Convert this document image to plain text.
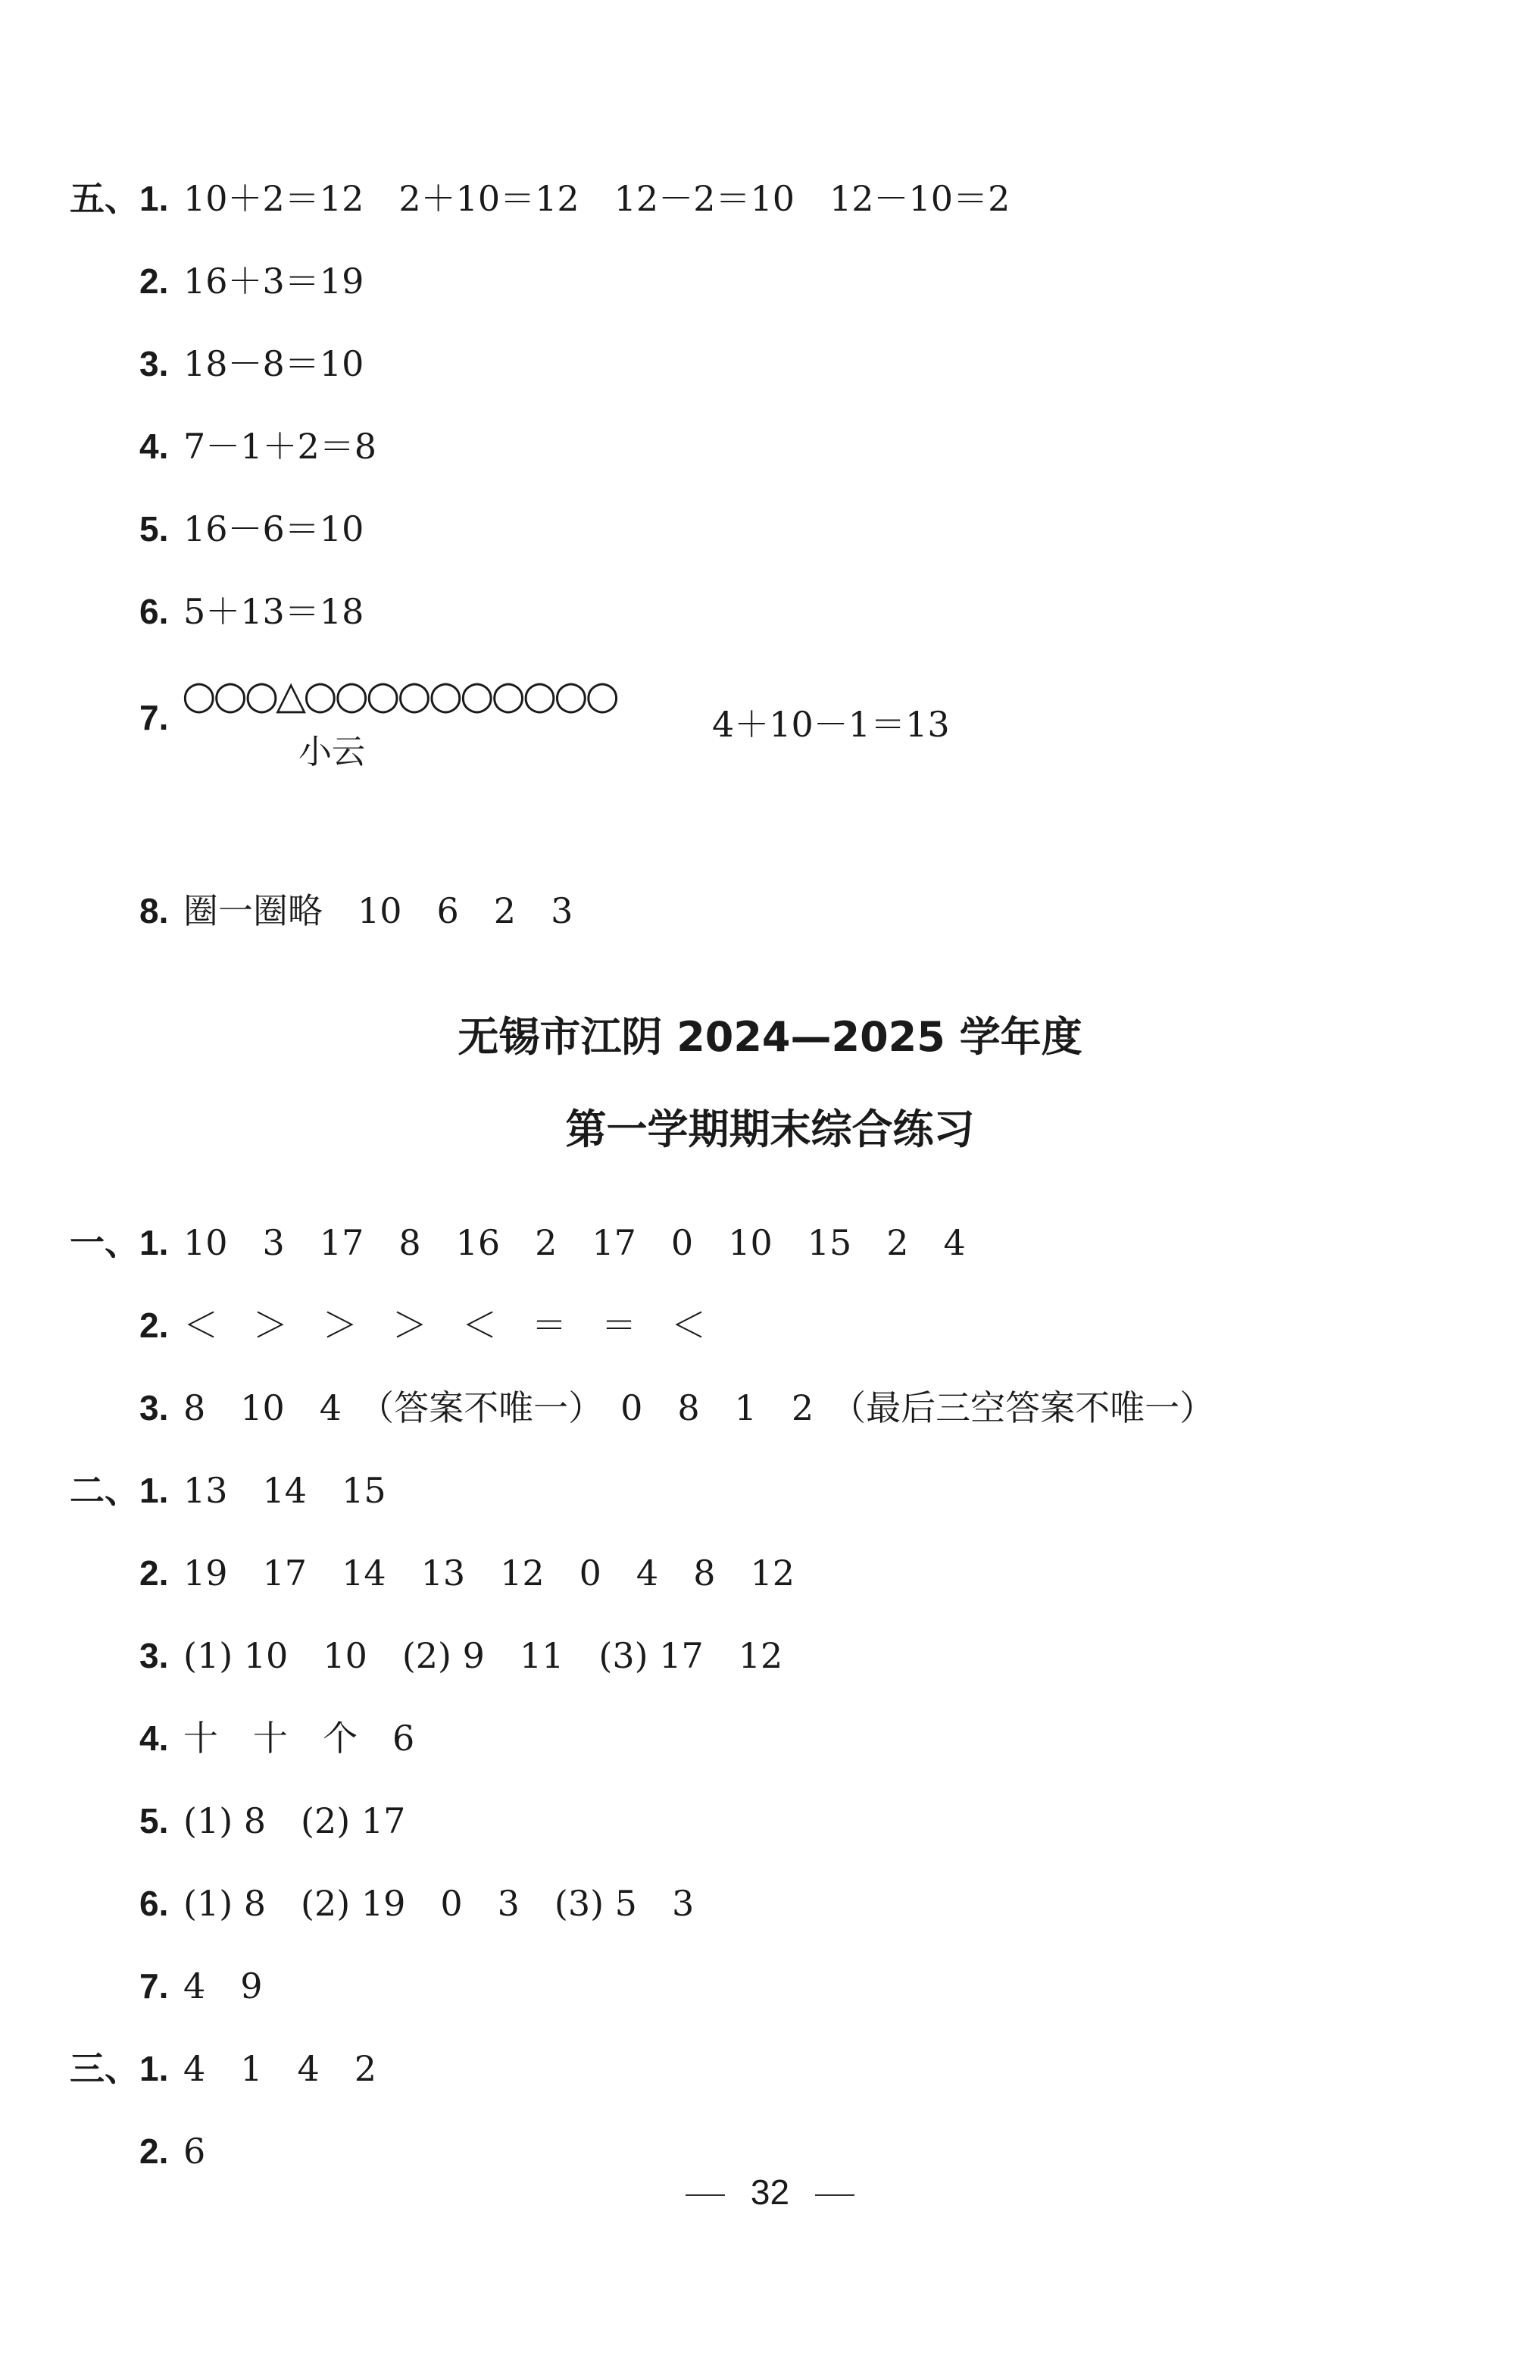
五、1. 10＋2＝12　2＋10＝12　12－2＝10　12－10＝2
2. 16＋3＝19
3. 18－8＝10
4. 7－1＋2＝8
5. 16－6＝10
6. 5＋13＝18
7. ○○○△○○○○○○○○○○
小云
4＋10－1＝13
8. 圈一圈略　10　6　2　3
无锡市江阴 2024—2025 学年度
第一学期期末综合练习
一、1. 10　3　17　8　16　2　17　0　10　15　2　4
2. ＜　＞　＞　＞　＜　＝　＝　＜
3. 8　10　4　（答案不唯一）　0　8　1　2　（最后三空答案不唯一）
二、1. 13　14　15
2. 19　17　14　13　12　0　4　8　12
3. (1) 10　10　(2) 9　11　(3) 17　12
4. 十　十　个　6
5. (1) 8　(2) 17
6. (1) 8　(2) 19　0　3　(3) 5　3
7. 4　9
三、1. 4　1　4　2
2. 6
32
